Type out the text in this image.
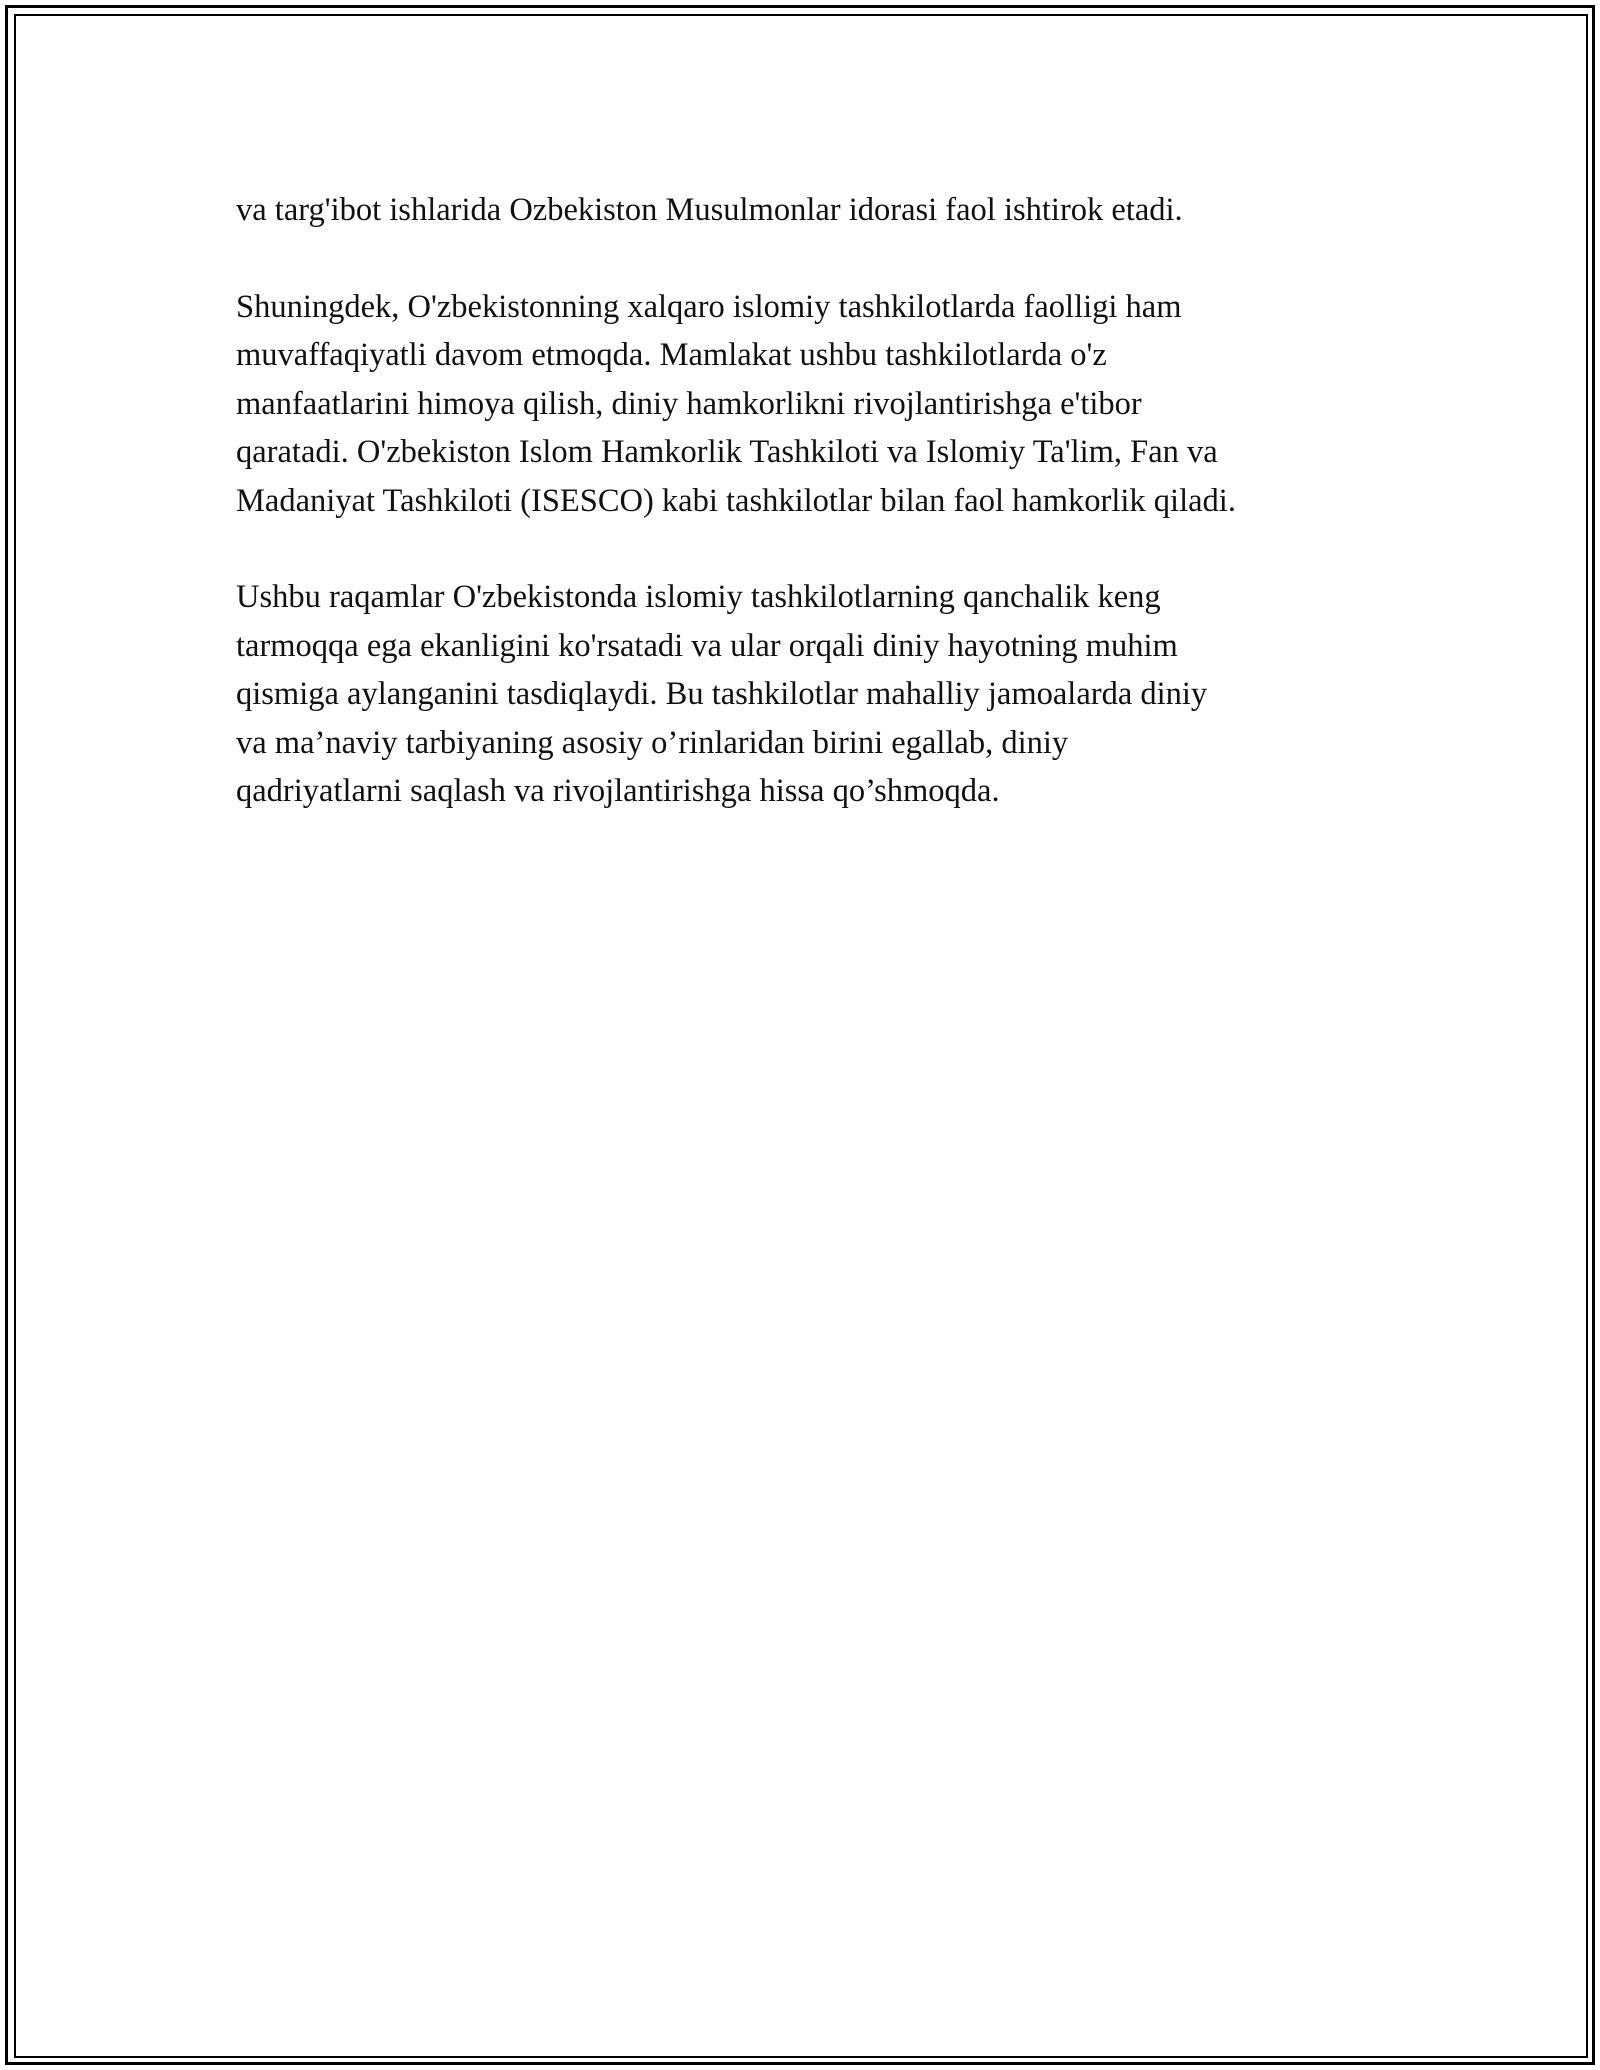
va targ'ibot ishlarida Ozbekiston Musulmonlar idorasi faol ishtirok etadi.

Shuningdek, O'zbekistonning xalqaro islomiy tashkilotlarda faolligi ham
muvaffaqiyatli davom etmoqda. Mamlakat ushbu tashkilotlarda o'z
manfaatlarini himoya qilish, diniy hamkorlikni rivojlantirishga e'tibor
qaratadi. O'zbekiston Islom Hamkorlik Tashkiloti va Islomiy Ta'lim, Fan va
Madaniyat Tashkiloti (ISESCO) kabi tashkilotlar bilan faol hamkorlik qiladi.

Ushbu raqamlar O'zbekistonda islomiy tashkilotlarning qanchalik keng
tarmoqqa ega ekanligini ko'rsatadi va ular orqali diniy hayotning muhim
qismiga aylanganini tasdiqlaydi. Bu tashkilotlar mahalliy jamoalarda diniy
va ma’naviy tarbiyaning asosiy o’rinlaridan birini egallab, diniy
qadriyatlarni saqlash va rivojlantirishga hissa qo’shmoqda.
